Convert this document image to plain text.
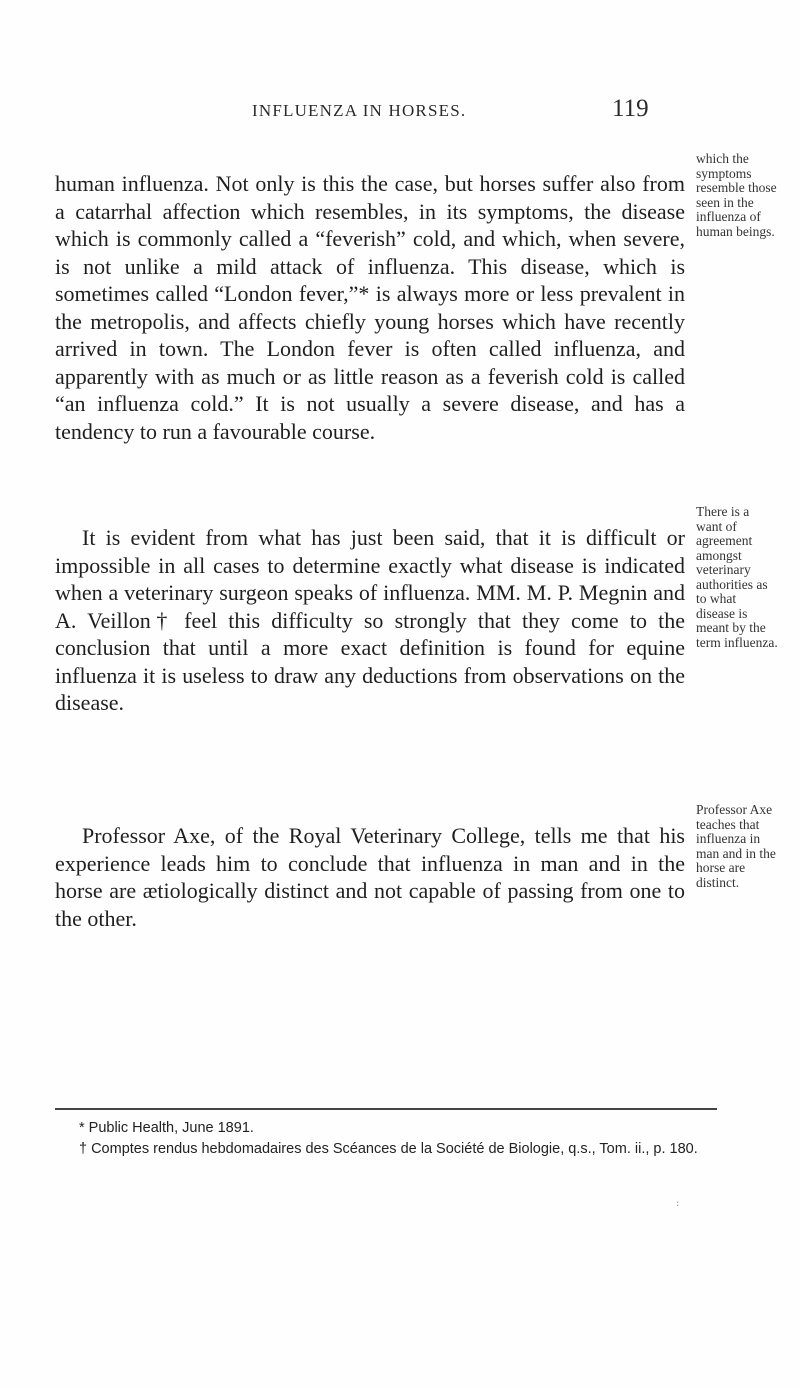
INFLUENZA IN HORSES.	119

human influenza. Not only is this the case, but horses suffer also from a catarrhal affection which resembles, in its symptoms, the disease which is commonly called a “feverish” cold, and which, when severe, is not unlike a mild attack of influenza. This disease, which is sometimes called “London fever,”* is always more or less prevalent in the metropolis, and affects chiefly young horses which have recently arrived in town. The London fever is often called influenza, and apparently with as much or as little reason as a feverish cold is called “an influenza cold.” It is not usually a severe disease, and has a tendency to run a favourable course.

which the symptoms resemble those seen in the influenza of human beings.

It is evident from what has just been said, that it is difficult or impossible in all cases to determine exactly what disease is indicated when a veterinary surgeon speaks of influenza. MM. M. P. Megnin and A. Veillon† feel this difficulty so strongly that they come to the conclusion that until a more exact definition is found for equine influenza it is useless to draw any deductions from observations on the disease.

There is a want of agreement amongst veterinary authorities as to what disease is meant by the term influenza.

Professor Axe, of the Royal Veterinary College, tells me that his experience leads him to conclude that influenza in man and in the horse are ætiologically distinct and not capable of passing from one to the other.

Professor Axe teaches that influenza in man and in the horse are distinct.

* Public Health, June 1891.

† Comptes rendus hebdomadaires des Scéances de la Société de Biologie, q.s., Tom. ii., p. 180.

:
